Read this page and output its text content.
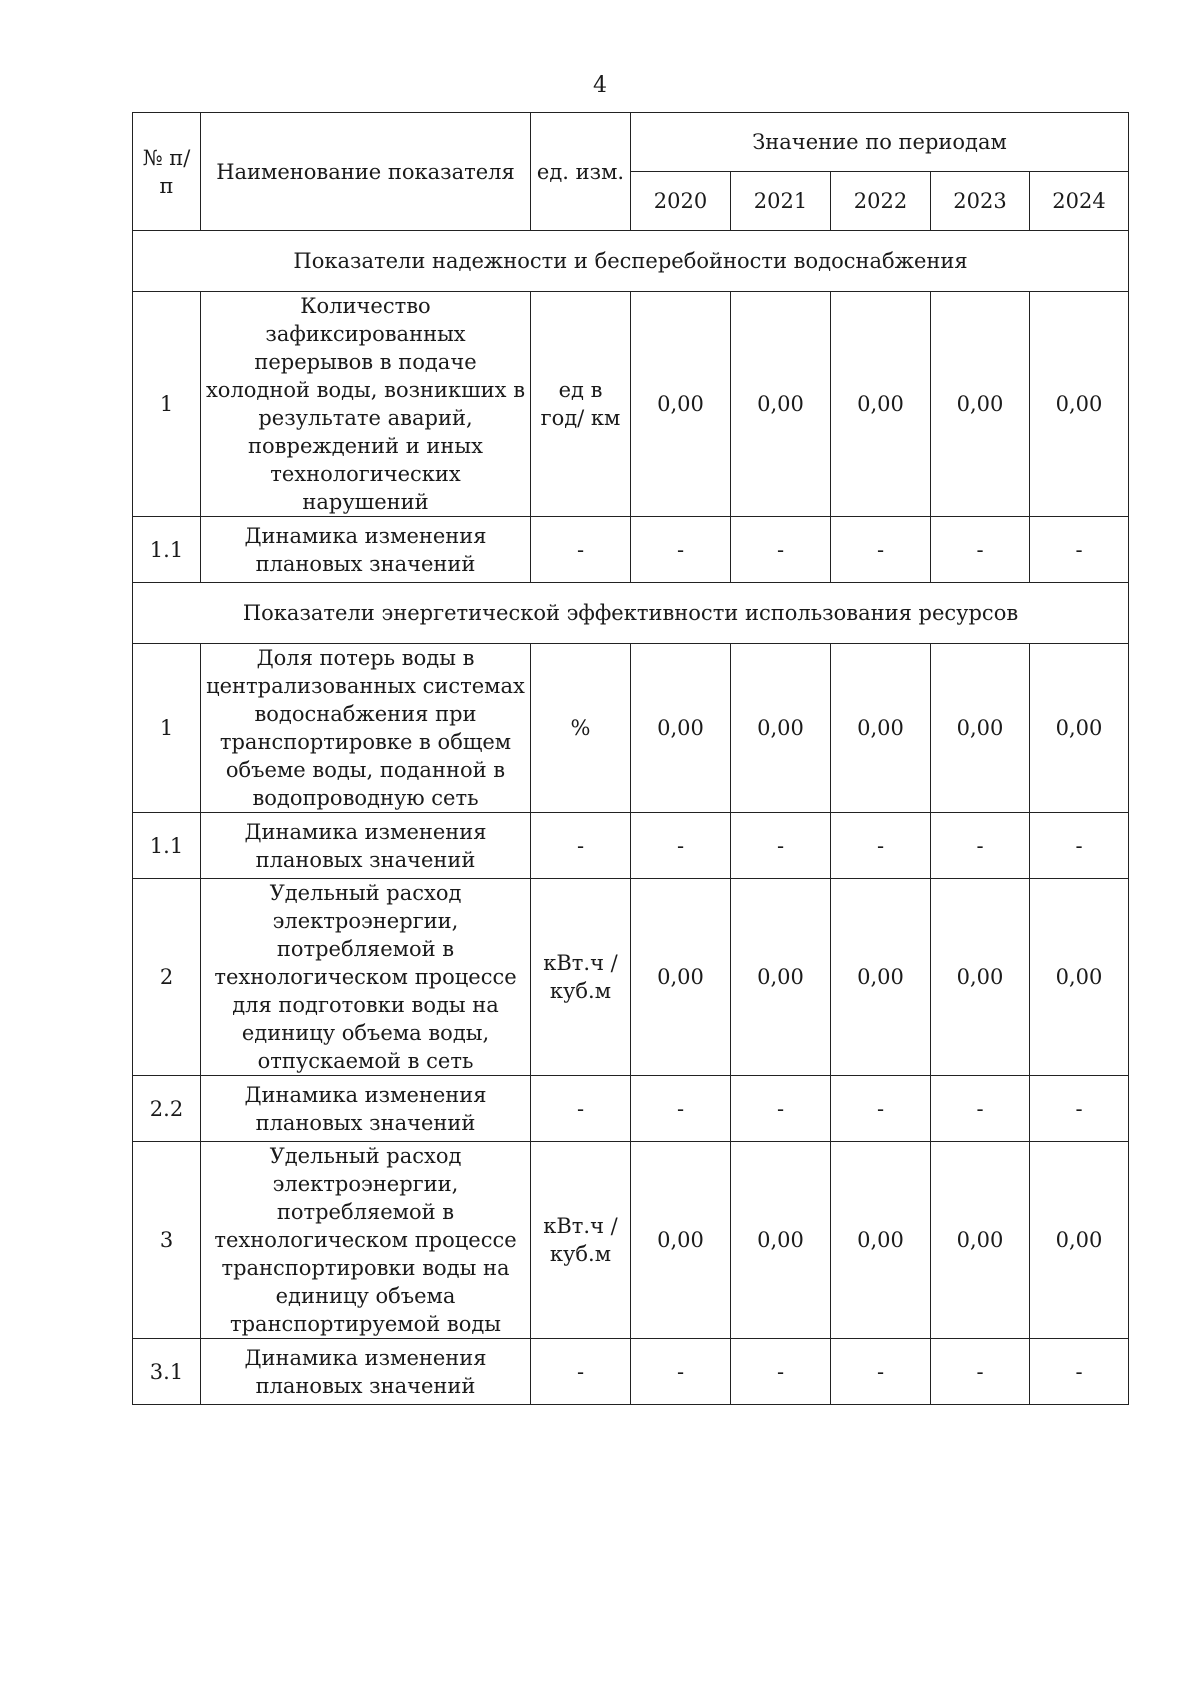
4
№ п/п	Наименование показателя	ед. изм.	Значение по периодам				
			2020	2021	2022	2023	2024
Показатели надежности и бесперебойности водоснабжения							
1	Количество зафиксированных перерывов в подаче холодной воды, возникших в результате аварий, повреждений и иных технологических нарушений	ед в год/ км	0,00	0,00	0,00	0,00	0,00
1.1	Динамика изменения плановых значений	-	-	-	-	-	-
Показатели энергетической эффективности использования ресурсов							
1	Доля потерь воды в централизованных системах водоснабжения при транспортировке в общем объеме воды, поданной в водопроводную сеть	%	0,00	0,00	0,00	0,00	0,00
1.1	Динамика изменения плановых значений	-	-	-	-	-	-
2	Удельный расход электроэнергии, потребляемой в технологическом процессе для подготовки воды на единицу объема воды, отпускаемой в сеть	кВт.ч / куб.м	0,00	0,00	0,00	0,00	0,00
2.2	Динамика изменения плановых значений	-	-	-	-	-	-
3	Удельный расход электроэнергии, потребляемой в технологическом процессе транспортировки воды на единицу объема транспортируемой воды	кВт.ч / куб.м	0,00	0,00	0,00	0,00	0,00
3.1	Динамика изменения плановых значений	-	-	-	-	-	-
